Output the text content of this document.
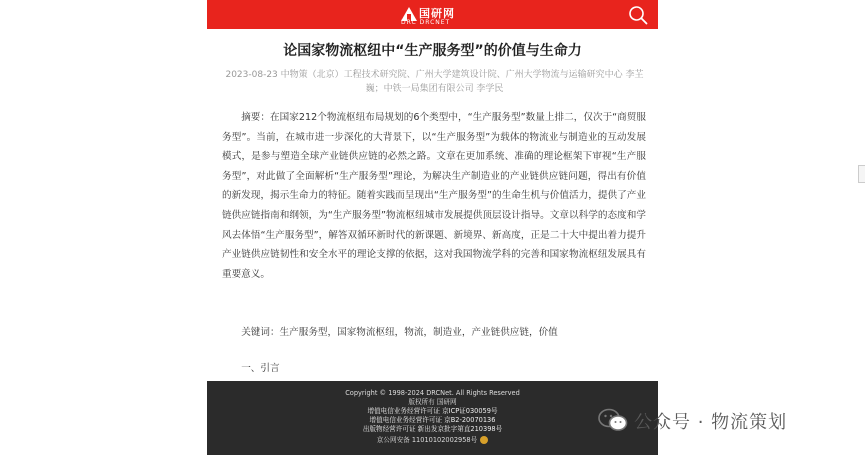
国研网
DRC DRCNET
论国家物流枢纽中“生产服务型”的价值与生命力
2023-08-23 中物策（北京）工程技术研究院、广州大学建筑设计院、广州大学物流与运输研究中心 李芏巍；中铁一局集团有限公司 李学民
摘要：在国家212个物流枢纽布局规划的6个类型中，“生产服务型”数量上排二，仅次于“商贸服务型”。当前，在城市进一步深化的大背景下，以“生产服务型”为载体的物流业与制造业的互动发展模式，是参与塑造全球产业链供应链的必然之路。文章在更加系统、准确的理论框架下审视“生产服务型”，对此做了全面解析“生产服务型”理论，为解决生产制造业的产业链供应链问题，得出有价值的新发现，揭示生命力的特征。随着实践而呈现出“生产服务型”的生命生机与价值活力，提供了产业链供应链指南和纲领，为“生产服务型”物流枢纽城市发展提供顶层设计指导。文章以科学的态度和学风去体悟“生产服务型”，解答双循环新时代的新课题、新境界、新高度，正是二十大中提出着力提升产业链供应链韧性和安全水平的理论支撑的依据，这对我国物流学科的完善和国家物流枢纽发展具有重要意义。
关键词：生产服务型，国家物流枢纽，物流，制造业，产业链供应链，价值
一、引言
Copyright © 1998-2024 DRCNet. All Rights Reserved
版权所有 国研网
增值电信业务经营许可证 京ICP证030059号
增值电信业务经营许可证 京B2-20070136
出版物经营许可证 新出发京批字第直210398号
京公网安备 11010102002958号
公众号 · 物流策划
